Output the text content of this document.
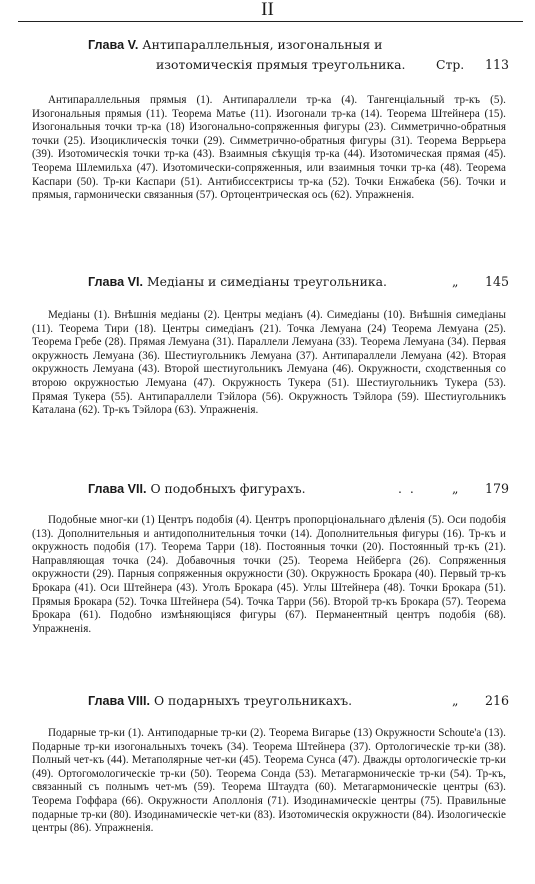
II
Глава V. Антипараллельныя, изогональныя и
изотомическія прямыя треугольника. Стр. 113
Антипараллельныя прямыя (1). Антипараллели тр-ка (4). Тангенціальный тр-къ (5). Изогональныя прямыя (11). Теорема Матье (11). Изогонали тр-ка (14). Теорема Штейнера (15). Изогональныя точки тр-ка (18) Изогонально-сопряженныя фигуры (23). Симметрично-обратныя точки (25). Изоциклическія точки (29). Симметрично-обратныя фигуры (31). Теорема Веррьера (39). Изотомическія точки тр-ка (43). Взаимныя сѣкущія тр-ка (44). Изотомическая прямая (45). Теорема Шлемильха (47). Изотомически-сопряженныя, или взаимныя точки тр-ка (48). Теорема Каспари (50). Тр-ки Каспари (51). Антибиссектрисы тр-ка (52). Точки Енжабека (56). Точки и прямыя, гармонически связанныя (57). Ортоцентрическая ось (62). Упражненія.
Глава VI. Медіаны и симедіаны треугольника.	„ 145
Медіаны (1). Внѣшнія медіаны (2). Центры медіанъ (4). Симедіаны (10). Внѣшнія симедіаны (11). Теорема Тири (18). Центры симедіанъ (21). Точка Лемуана (24) Теорема Лемуана (25). Теорема Гребе (28). Прямая Лемуана (31). Параллели Лемуана (33). Теорема Лемуана (34). Первая окружность Лемуана (36). Шестиугольникъ Лемуана (37). Антипараллели Лемуана (42). Вторая окружность Лемуана (43). Второй шестиугольникъ Лемуана (46). Окружности, сходственныя со второю окружностью Лемуана (47). Окружность Тукера (51). Шестиугольникъ Тукера (53). Прямая Тукера (55). Антипараллели Тэйлора (56). Окружность Тэйлора (59). Шестиугольникъ Каталана (62). Тр-къ Тэйлора (63). Упражненія.
Глава VII. О подобныхъ фигурахъ.	. .	„ 179
Подобные мног-ки (1) Центръ подобія (4). Центръ пропорціональнаго дѣленія (5). Оси подобія (13). Дополнительныя и антидополнительныя точки (14). Дополнительныя фигуры (16). Тр-къ и окружность подобія (17). Теорема Тарри (18). Постоянныя точки (20). Постоянный тр-къ (21). Направляющая точка (24). Добавочныя точки (25). Теорема Нейберга (26). Сопряженныя окружности (29). Парныя сопряженныя окружности (30). Окружность Брокара (40). Первый тр-къ Брокара (41). Оси Штейнера (43). Уголъ Брокара (45). Углы Штейнера (48). Точки Брокара (51). Прямыя Брокара (52). Точка Штейнера (54). Точка Тарри (56). Второй тр-къ Брокара (57). Теорема Брокара (61). Подобно измѣняющіяся фигуры (67). Перманентный центръ подобія (68). Упражненія.
Глава VIII. О подарныхъ треугольникахъ.	„ 216
Подарные тр-ки (1). Антиподарные тр-ки (2). Теорема Вигарье (13) Окружности Schoute'a (13). Подарные тр-ки изогональныхъ точекъ (34). Теорема Штейнера (37). Ортологическіе тр-ки (38). Полный чет-къ (44). Метаполярные чет-ки (45). Теорема Сунса (47). Дважды ортологическіе тр-ки (49). Ортогомологическіе тр-ки (50). Теорема Сонда (53). Метагармоническіе тр-ки (54). Тр-къ, связанный съ полнымъ чет-мъ (59). Теорема Штаудта (60). Метагармоническіе центры (63). Теорема Гоффара (66). Окружности Аполлонія (71). Изодинамическіе центры (75). Правильные подарные тр-ки (80). Изодинамическіе чет-ки (83). Изотомическія окружности (84). Изологическіе центры (86). Упражненія.
